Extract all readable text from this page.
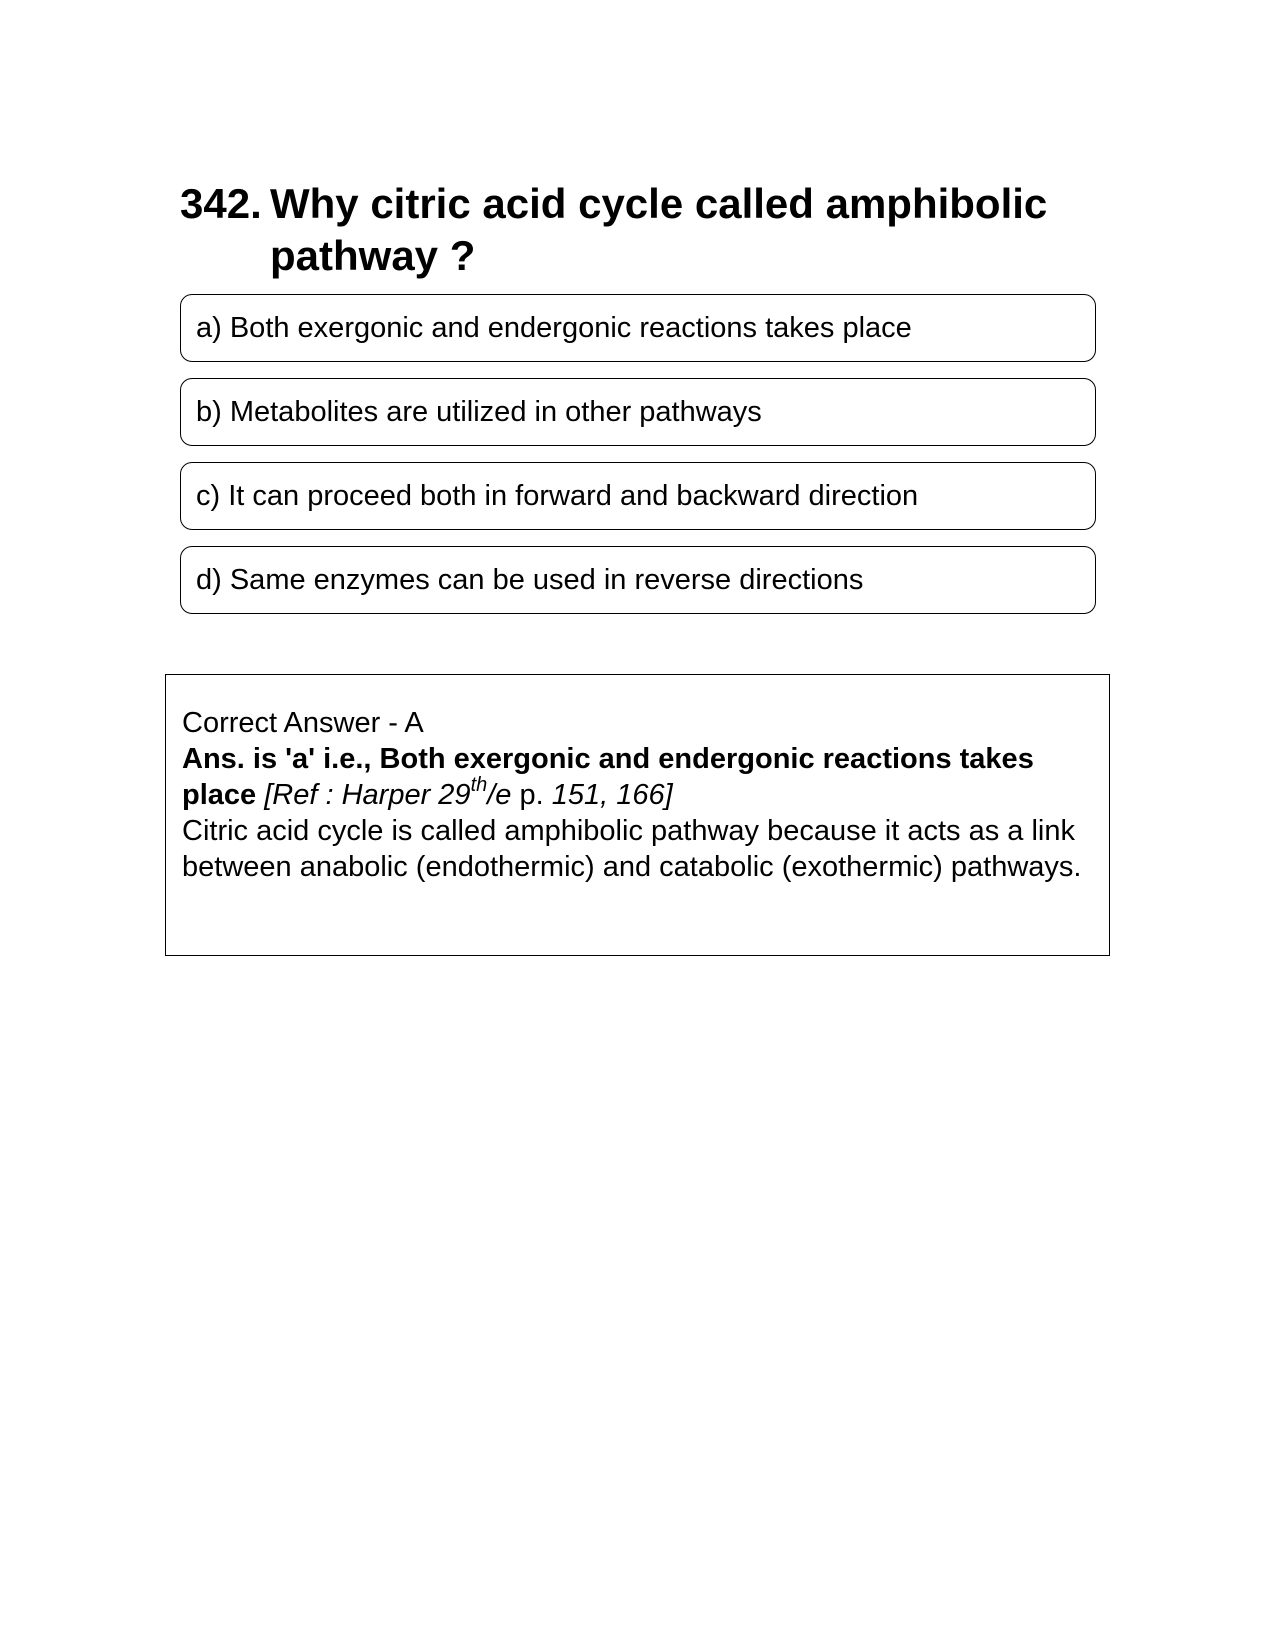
342. Why citric acid cycle called amphibolic pathway ?
a) Both exergonic and endergonic reactions takes place
b) Metabolites are utilized in other pathways
c) It can proceed both in forward and backward direction
d) Same enzymes can be used in reverse directions
Correct Answer - A
Ans. is 'a' i.e., Both exergonic and endergonic reactions takes place [Ref : Harper 29th/e p. 151, 166]
Citric acid cycle is called amphibolic pathway because it acts as a link between anabolic (endothermic) and catabolic (exothermic) pathways.
